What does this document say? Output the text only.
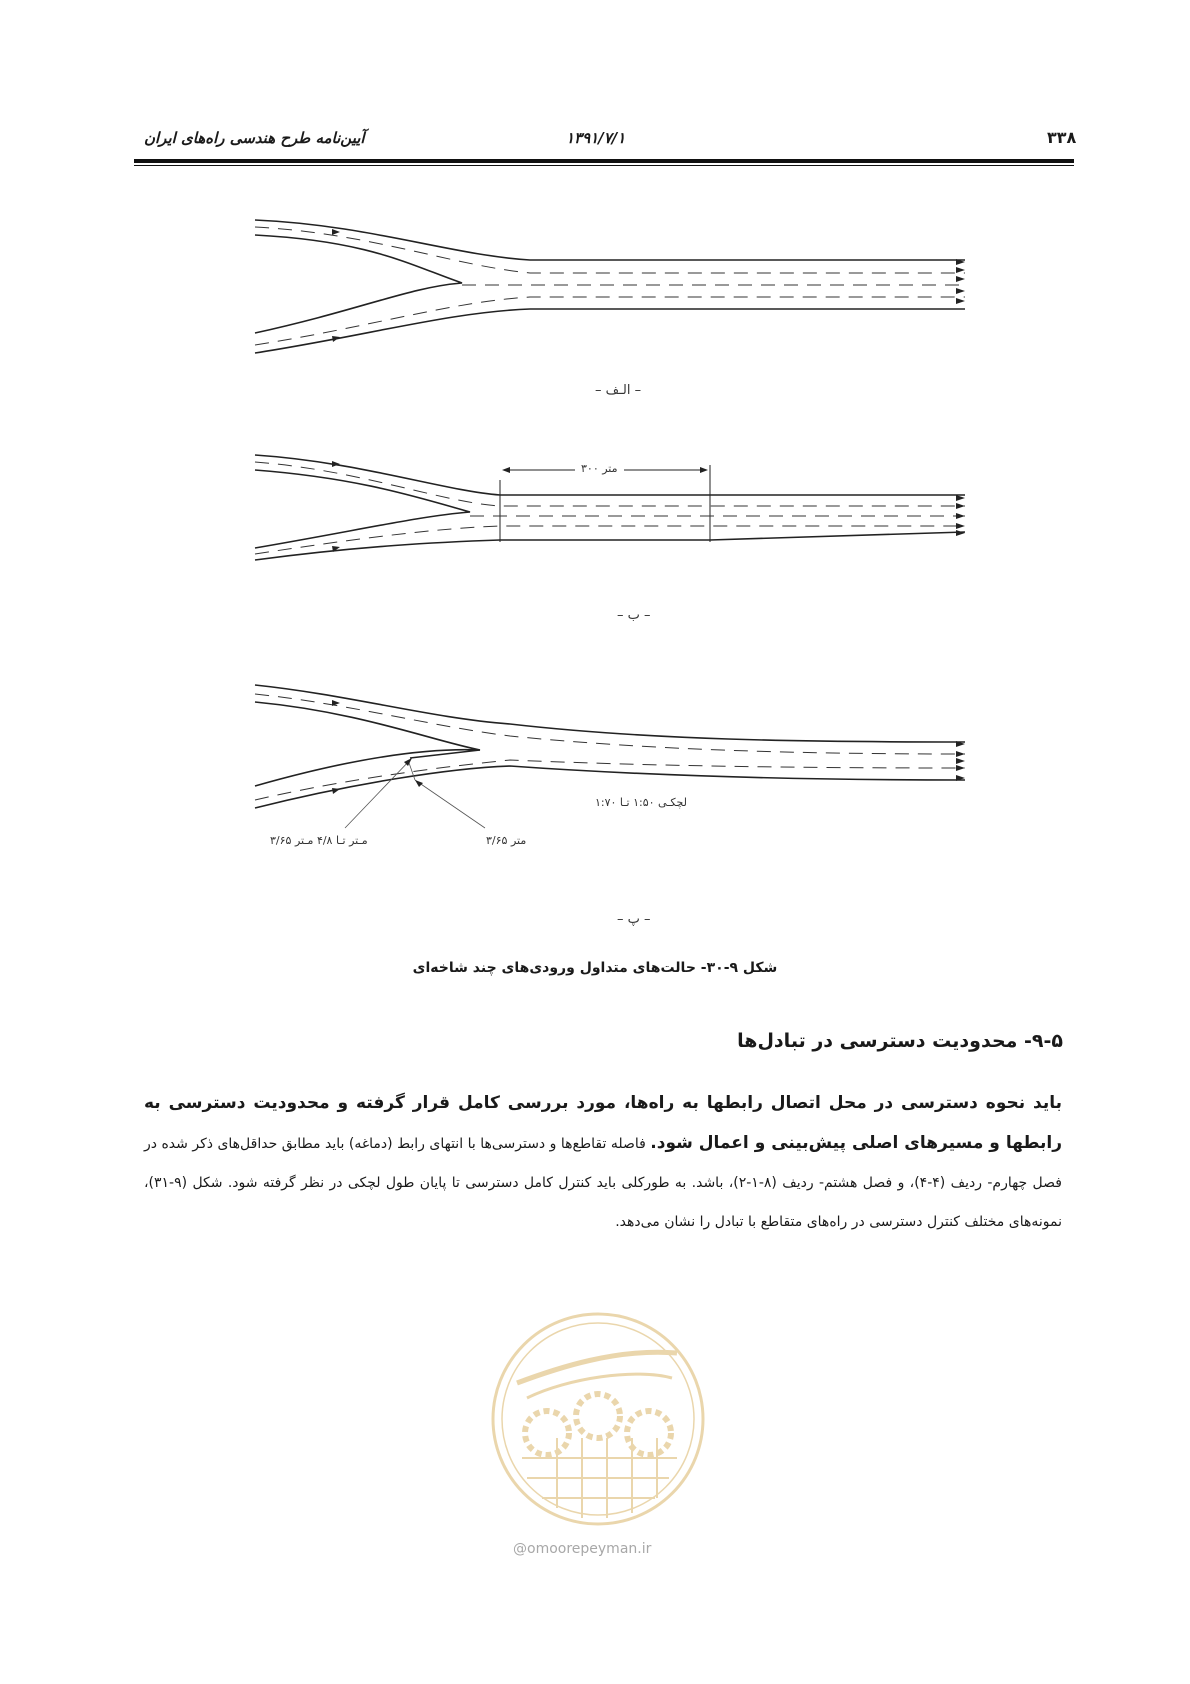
۳۳۸
۱۳۹۱/۷/۱
آیین‌نامه طرح هندسی راه‌های ایران
– الـف –
۳۰۰ متر
– ب –
لچکـی ۱:۵۰ تـا ۱:۷۰
۳/۶۵ مـتر تـا ۴/۸ مـتر	۳/۶۵ متر
– پ –
شکل ۹-۳۰- حالت‌های متداول ورودی‌های چند شاخه‌ای
۹-۵- محدودیت دسترسی در تبادل‌ها
باید نحوه دسترسی در محل اتصال رابطها به راه‌ها، مورد بررسی کامل قرار گرفته و محدودیت دسترسی به رابطها و مسیرهای اصلی پیش‌بینی و اعمال شود. فاصله تقاطع‌ها و دسترسی‌ها با انتهای رابط (دماغه) باید مطابق حداقل‌های ذکر شده در فصل چهارم- ردیف (۴-۴)، و فصل هشتم- ردیف (۸-۱-۲)، باشد. به طورکلی باید کنترل کامل دسترسی تا پایان طول لچکی در نظر گرفته شود. شکل (۹-۳۱)، نمونه‌های مختلف کنترل دسترسی در راه‌های متقاطع با تبادل را نشان می‌دهد.
@omoorepeyman.ir
